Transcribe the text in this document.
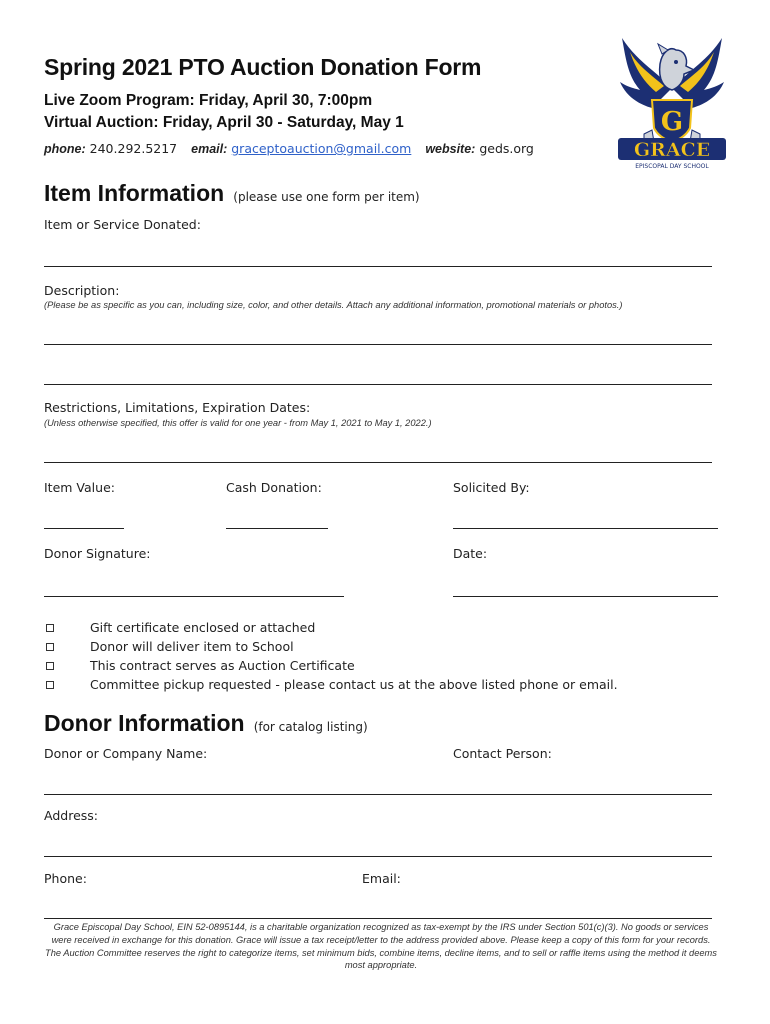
Spring 2021 PTO Auction Donation Form
Live Zoom Program: Friday, April 30, 7:00pm
Virtual Auction: Friday, April 30 - Saturday, May 1
phone: 240.292.5217 email: graceptoauction@gmail.com website: geds.org
G
GRACE
EPISCOPAL DAY SCHOOL
Item Information (please use one form per item)
Item or Service Donated:
Description:
(Please be as specific as you can, including size, color, and other details. Attach any additional information, promotional materials or photos.)
Restrictions, Limitations, Expiration Dates:
(Unless otherwise specified, this offer is valid for one year - from May 1, 2021 to May 1, 2022.)
Item Value:	Cash Donation:	Solicited By:
Donor Signature:	Date:
Gift certificate enclosed or attached
Donor will deliver item to School
This contract serves as Auction Certificate
Committee pickup requested - please contact us at the above listed phone or email.
Donor Information (for catalog listing)
Donor or Company Name:	Contact Person:
Address:
Phone:	Email:
Grace Episcopal Day School, EIN 52-0895144, is a charitable organization recognized as tax-exempt by the IRS under Section 501(c)(3). No goods or services were received in exchange for this donation. Grace will issue a tax receipt/letter to the address provided above. Please keep a copy of this form for your records. The Auction Committee reserves the right to categorize items, set minimum bids, combine items, decline items, and to sell or raffle items using the method it deems most appropriate.
